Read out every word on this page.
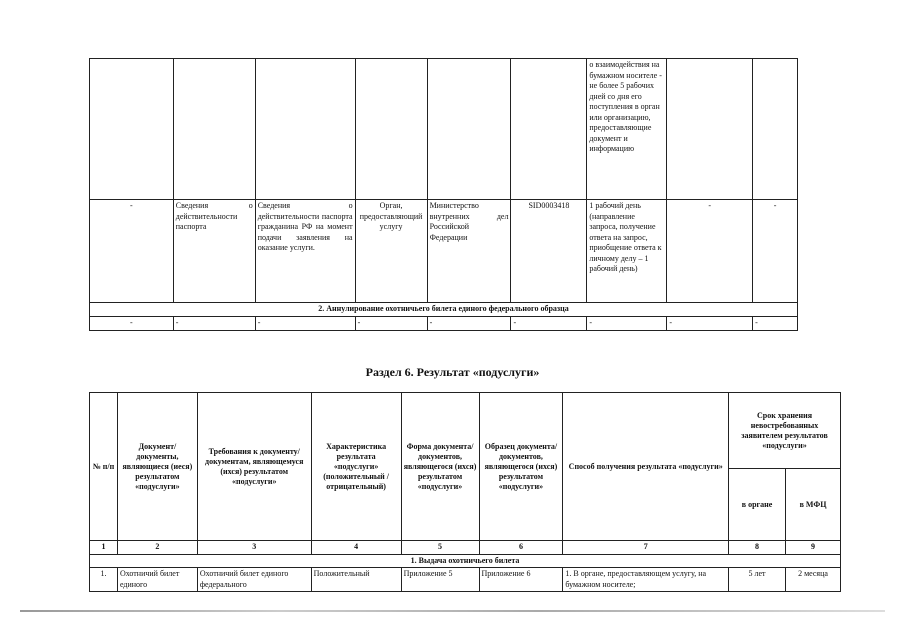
						о взаимодействия на бумажном носителе - не более 5 рабочих дней со дня его поступления в орган или организацию, предоставляющие документ и информацию		
-	Сведения о действительности паспорта	Сведения о действительности паспорта гражданина РФ на момент подачи заявления на оказание услуги.	Орган, предоставляющий услугу	Министерство внутренних дел Российской Федерации	SID0003418	1 рабочий день (направление запроса, получение ответа на запрос, приобщение ответа к личному делу – 1 рабочий день)	-	-
2. Аннулирование охотничьего билета единого федерального образца								
-	-	-	-	-	-	-	-	-
Раздел 6. Результат «подуслуги»
№ п/п	Документ/документы, являющиеся (иеся) результатом «подуслуги»	Требования к документу/документам, являющемуся (ихся) результатом «подуслуги»	Характеристика результата «подуслуги» (положительный /отрицательный)	Форма документа/документов, являющегося (ихся) результатом «подуслуги»	Образец документа/документов, являющегося (ихся) результатом «подуслуги»	Способ получения результата «подуслуги»	Срок хранения невостребованных заявителем результатов «подуслуги»	
							в органе	в МФЦ
1	2	3	4	5	6	7	8	9
1. Выдача охотничьего билета								
1.	Охотничий билет единого	Охотничий билет единого федерального	Положительный	Приложение 5	Приложение 6	1. В органе, предоставляющем услугу, на бумажном носителе;	5 лет	2 месяца
